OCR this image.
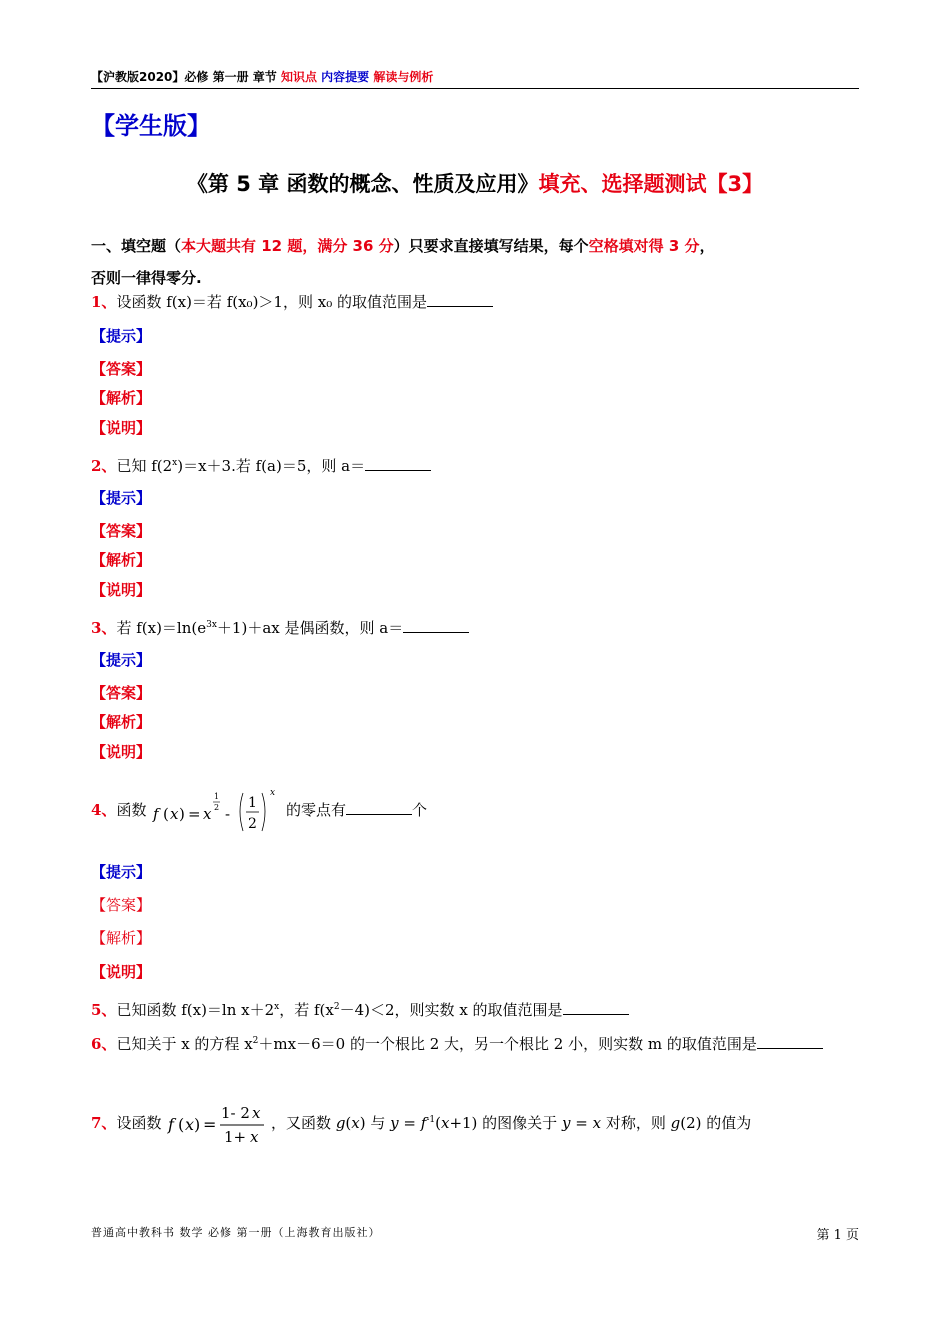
【沪教版2020】必修 第一册 章节 知识点 内容提要 解读与例析
【学生版】
《第 5 章 函数的概念、性质及应用》填充、选择题测试【3】
一、填空题（本大题共有 12 题，满分 36 分）只要求直接填写结果，每个空格填对得 3 分，
否则一律得零分.
1、设函数 f(x)＝若 f(x₀)＞1，则 x₀ 的取值范围是
【提示】
【答案】
【解析】
【说明】
2、已知 $f(2^x)=x+3$.若 f(a)＝5，则 a＝
【提示】
【答案】
【解析】
【说明】
3、若 $f(x)=\ln(e^{3x}+1)+ax$ 是偶函数，则 a＝
【提示】
【答案】
【解析】
【说明】
4、函数 f ( x ) = x
1
2 -
1
2
x
的零点有	个
【提示】
【答案】
【解析】
【说明】
5、已知函数 f(x)＝ln $x+2^x$，若 $f(x^2-4)<2$，则实数 x 的取值范围是
6、已知关于 x 的方程 $x^2+mx-6=0$ 的一个根比 2 大，另一个根比 2 小，则实数 m 的取值范围是
7、设函数 f ( x ) =
1- 2 x
1+ x
，又函数 g(x) 与 $y = f^{-1}(x+1)$ 的图像关于 y = x 对称，则 g(2) 的值为
普通高中教科书 数学 必修 第一册（上海教育出版社）	第 1 页
